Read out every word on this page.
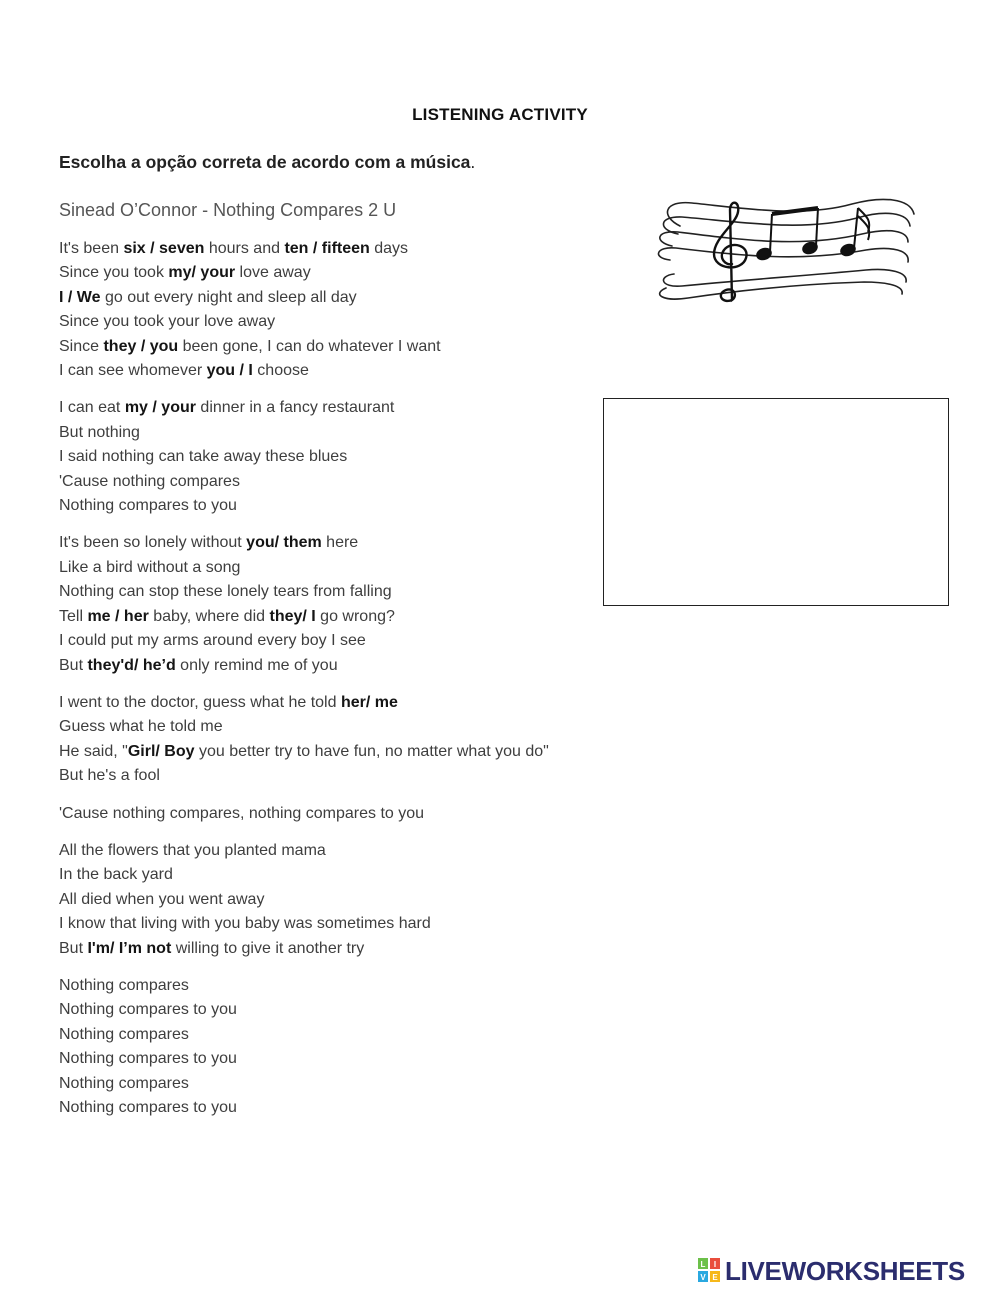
LISTENING ACTIVITY
Escolha a opção correta de acordo com a música.
Sinead O’Connor - Nothing Compares 2 U
It's been six / seven hours and ten / fifteen days
Since you took my/ your love away
I / We go out every night and sleep all day
Since you took your love away
Since they / you been gone, I can do whatever I want
I can see whomever you / I choose
I can eat my / your dinner in a fancy restaurant
But nothing
I said nothing can take away these blues
'Cause nothing compares
Nothing compares to you
It's been so lonely without you/ them here
Like a bird without a song
Nothing can stop these lonely tears from falling
Tell me / her baby, where did they/ I go wrong?
I could put my arms around every boy I see
But they'd/ he’d only remind me of you
I went to the doctor, guess what he told her/ me
Guess what he told me
He said, "Girl/ Boy you better try to have fun, no matter what you do"
But he's a fool
'Cause nothing compares, nothing compares to you
All the flowers that you planted mama
In the back yard
All died when you went away
I know that living with you baby was sometimes hard
But I'm/ I’m not willing to give it another try
Nothing compares
Nothing compares to you
Nothing compares
Nothing compares to you
Nothing compares
Nothing compares to you
L I
V E LIVEWORKSHEETS
